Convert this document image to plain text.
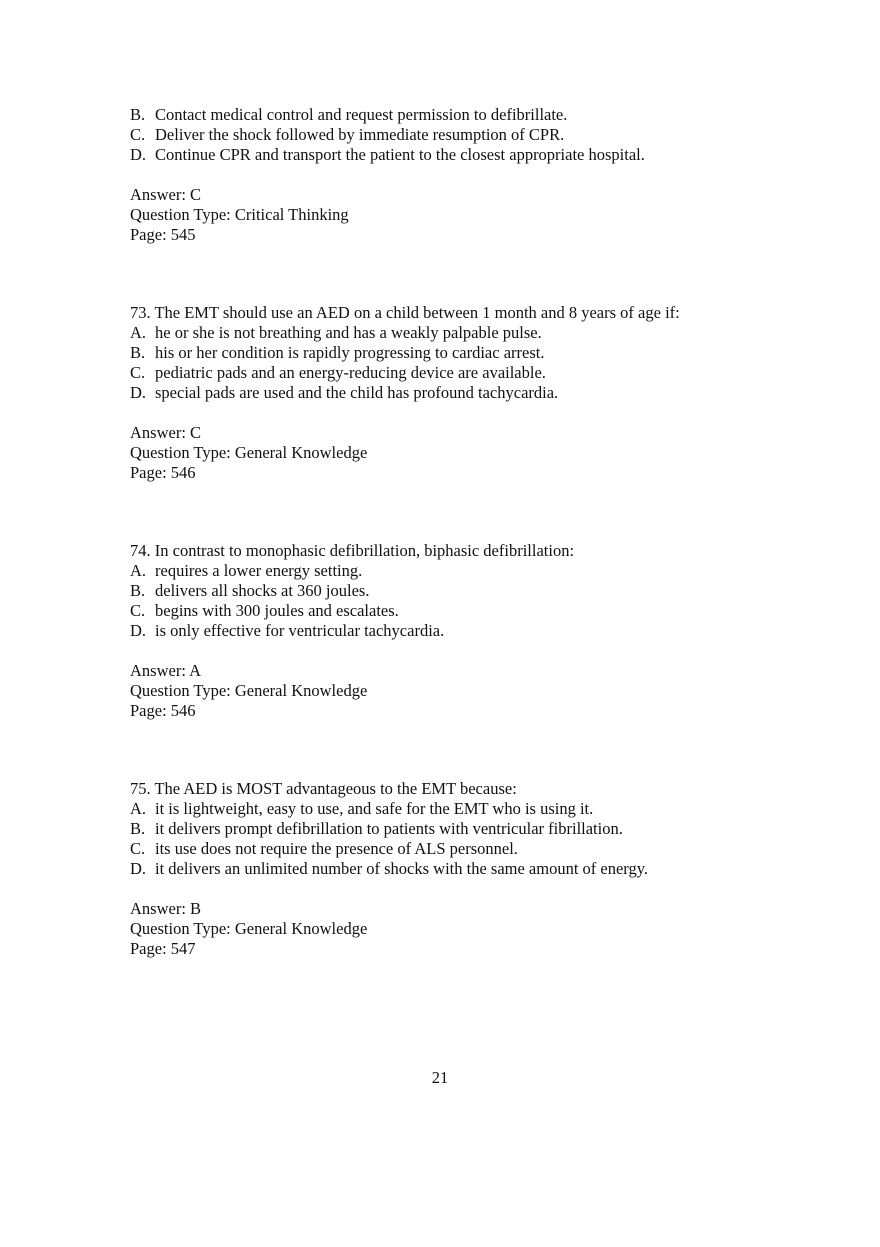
B. Contact medical control and request permission to defibrillate.
C. Deliver the shock followed by immediate resumption of CPR.
D. Continue CPR and transport the patient to the closest appropriate hospital.
Answer: C
Question Type: Critical Thinking
Page: 545
73. The EMT should use an AED on a child between 1 month and 8 years of age if:
A. he or she is not breathing and has a weakly palpable pulse.
B. his or her condition is rapidly progressing to cardiac arrest.
C. pediatric pads and an energy-reducing device are available.
D. special pads are used and the child has profound tachycardia.
Answer: C
Question Type: General Knowledge
Page: 546
74. In contrast to monophasic defibrillation, biphasic defibrillation:
A. requires a lower energy setting.
B. delivers all shocks at 360 joules.
C. begins with 300 joules and escalates.
D. is only effective for ventricular tachycardia.
Answer: A
Question Type: General Knowledge
Page: 546
75. The AED is MOST advantageous to the EMT because:
A. it is lightweight, easy to use, and safe for the EMT who is using it.
B. it delivers prompt defibrillation to patients with ventricular fibrillation.
C. its use does not require the presence of ALS personnel.
D. it delivers an unlimited number of shocks with the same amount of energy.
Answer: B
Question Type: General Knowledge
Page: 547
21
